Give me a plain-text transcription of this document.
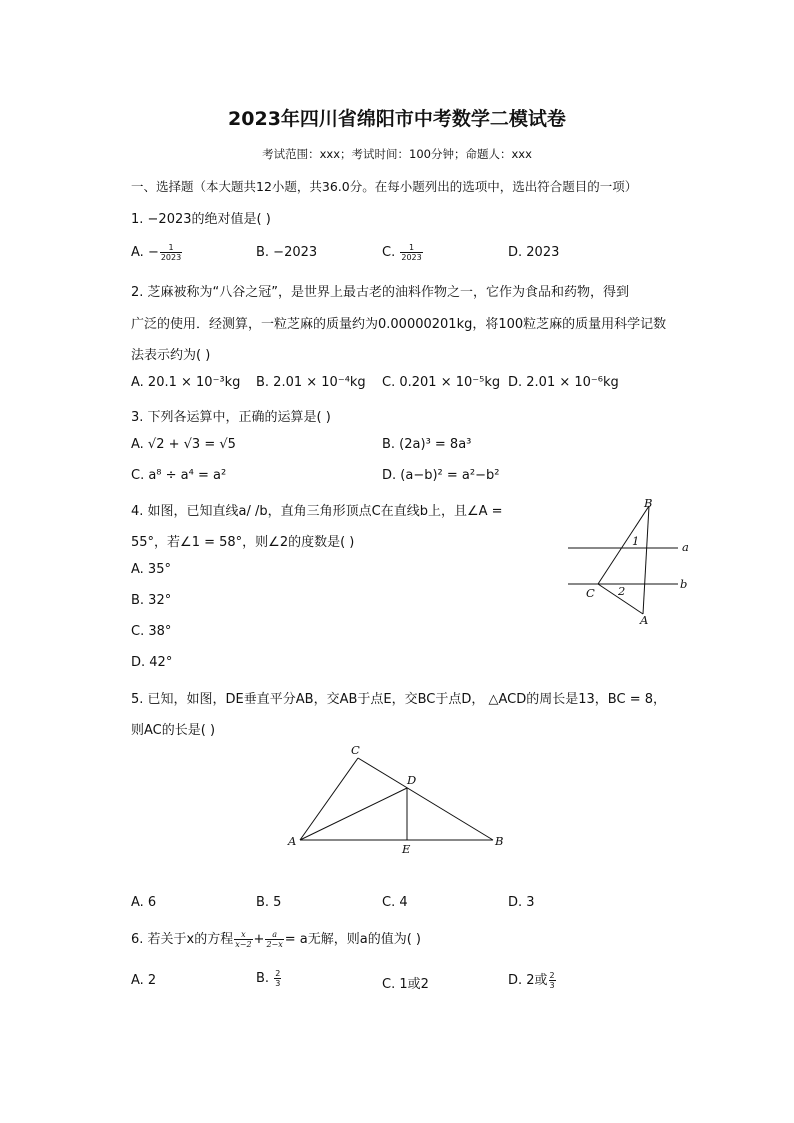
2023年四川省绵阳市中考数学二模试卷
考试范围：xxx；考试时间：100分钟；命题人：xxx
一、选择题（本大题共12小题，共36.0分。在每小题列出的选项中，选出符合题目的一项）
1. −2023的绝对值是( )
A. − $\frac{1}{2023}$	B. −2023	C. $\frac{1}{2023}$	D. 2023
2. 芝麻被称为“八谷之冠”，是世界上最古老的油料作物之一，它作为食品和药物，得到
广泛的使用．经测算，一粒芝麻的质量约为0.00000201kg，将100粒芝麻的质量用科学记数
法表示约为( )
A. 20.1 × 10⁻³kg B. 2.01 × 10⁻⁴kg C. 0.201 × 10⁻⁵kg D. 2.01 × 10⁻⁶kg
3. 下列各运算中，正确的运算是( )
A. √2 + √3 = √5	B. (2a)³ = 8a³
C. a⁸ ÷ a⁴ = a²	D. (a−b)² = a²−b²
4. 如图，已知直线a/ /b，直角三角形顶点C在直线b上，且∠A =
55°，若∠1 = 58°，则∠2的度数是( )
A. 35°
B. 32°
C. 38°
D. 42°
B
a
b
C
A
1
2
5. 已知，如图，DE垂直平分AB，交AB于点E，交BC于点D， △ACD的周长是13，BC = 8，
则AC的长是( )
C
D
A
E
B
A. 6	B. 5	C. 4	D. 3
6. 若关于x的方程 $\frac{x}{x-2} + \frac{a}{2-x} = a$无解，则a的值为( )
A. 2	B. $\frac{2}{3}$	C. 1或2	D. 2或 $\frac{2}{3}$
